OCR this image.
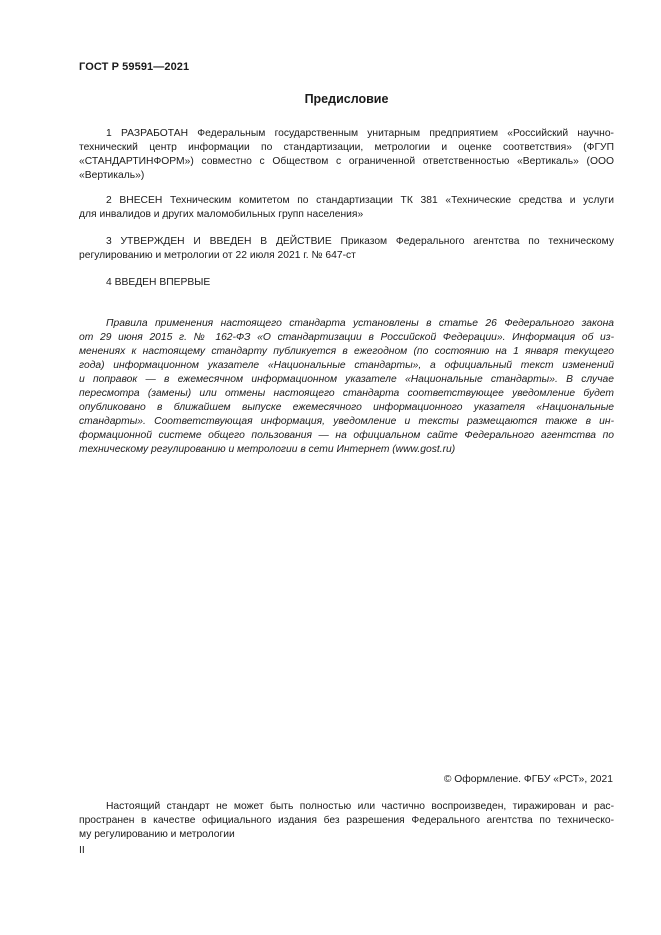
ГОСТ Р 59591—2021
Предисловие
1 РАЗРАБОТАН Федеральным государственным унитарным предприятием «Российский научно-
технический центр информации по стандартизации, метрологии и оценке соответствия» (ФГУП
«СТАНДАРТИНФОРМ») совместно с Обществом с ограниченной ответственностью «Вертикаль» (ООО
«Вертикаль»)
2 ВНЕСЕН Техническим комитетом по стандартизации ТК 381 «Технические средства и услуги
для инвалидов и других маломобильных групп населения»
3 УТВЕРЖДЕН И ВВЕДЕН В ДЕЙСТВИЕ Приказом Федерального агентства по техническому
регулированию и метрологии от 22 июля 2021 г. № 647-ст
4 ВВЕДЕН ВПЕРВЫЕ
Правила применения настоящего стандарта установлены в статье 26 Федерального закона
от 29 июня 2015 г. № 162-ФЗ «О стандартизации в Российской Федерации». Информация об из-
менениях к настоящему стандарту публикуется в ежегодном (по состоянию на 1 января текущего
года) информационном указателе «Национальные стандарты», а официальный текст изменений
и поправок — в ежемесячном информационном указателе «Национальные стандарты». В случае
пересмотра (замены) или отмены настоящего стандарта соответствующее уведомление будет
опубликовано в ближайшем выпуске ежемесячного информационного указателя «Национальные
стандарты». Соответствующая информация, уведомление и тексты размещаются также в ин-
формационной системе общего пользования — на официальном сайте Федерального агентства по
техническому регулированию и метрологии в сети Интернет (www.gost.ru)
© Оформление. ФГБУ «РСТ», 2021
Настоящий стандарт не может быть полностью или частично воспроизведен, тиражирован и рас-
пространен в качестве официального издания без разрешения Федерального агентства по техническо-
му регулированию и метрологии
II
